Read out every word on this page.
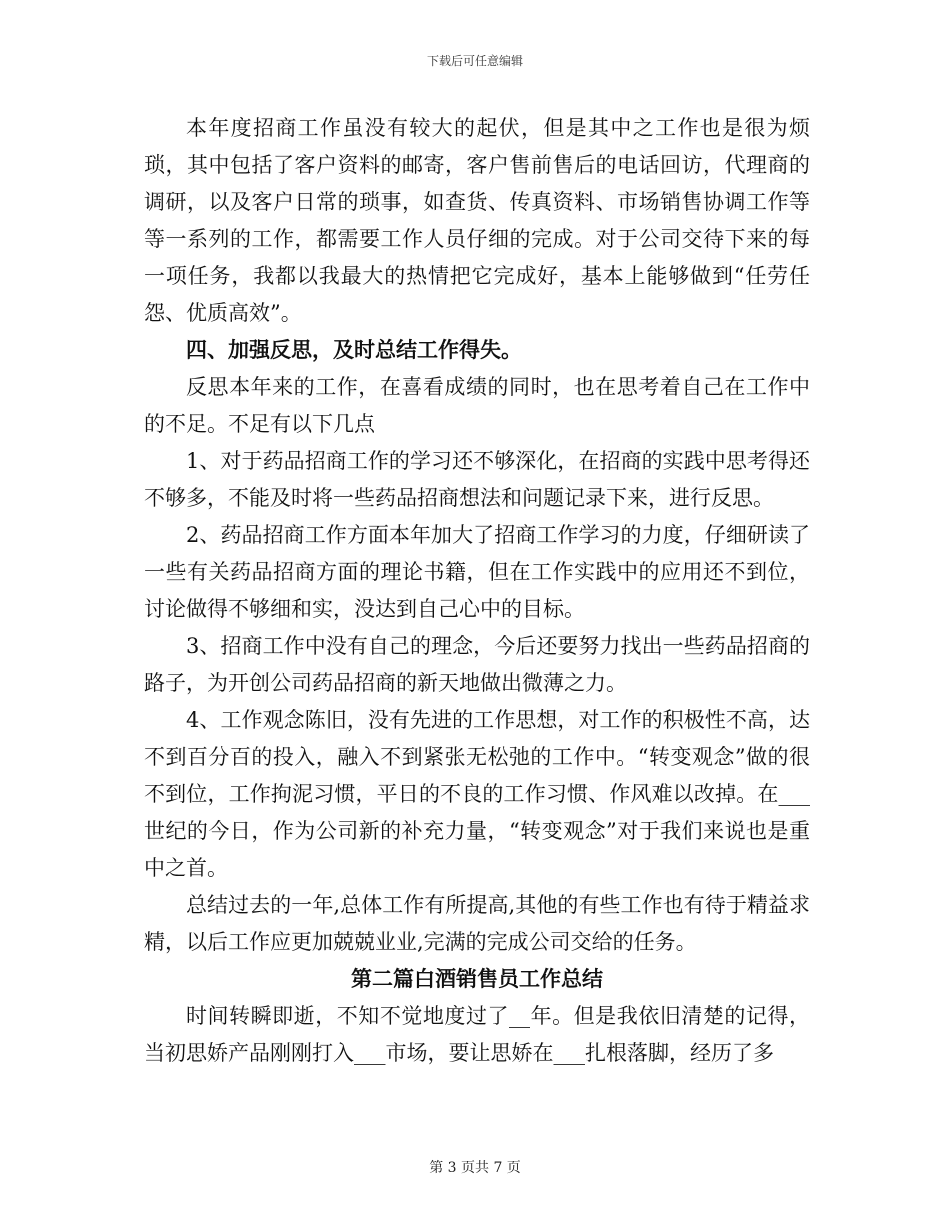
下载后可任意编辑

本年度招商工作虽没有较大的起伏，但是其中之工作也是很为烦琐，其中包括了客户资料的邮寄，客户售前售后的电话回访，代理商的调研，以及客户日常的琐事，如查货、传真资料、市场销售协调工作等等一系列的工作，都需要工作人员仔细的完成。对于公司交待下来的每一项任务，我都以我最大的热情把它完成好，基本上能够做到“任劳任怨、优质高效”。

四、加强反思，及时总结工作得失。

反思本年来的工作，在喜看成绩的同时，也在思考着自己在工作中的不足。不足有以下几点

1、对于药品招商工作的学习还不够深化，在招商的实践中思考得还不够多，不能及时将一些药品招商想法和问题记录下来，进行反思。

2、药品招商工作方面本年加大了招商工作学习的力度，仔细研读了一些有关药品招商方面的理论书籍，但在工作实践中的应用还不到位，讨论做得不够细和实，没达到自己心中的目标。

3、招商工作中没有自己的理念，今后还要努力找出一些药品招商的路子，为开创公司药品招商的新天地做出微薄之力。

4、工作观念陈旧，没有先进的工作思想，对工作的积极性不高，达不到百分百的投入，融入不到紧张无松弛的工作中。“转变观念”做的很不到位，工作拘泥习惯，平日的不良的工作习惯、作风难以改掉。在___世纪的今日，作为公司新的补充力量，“转变观念”对于我们来说也是重中之首。

总结过去的一年,总体工作有所提高,其他的有些工作也有待于精益求精，以后工作应更加兢兢业业,完满的完成公司交给的任务。

第二篇白酒销售员工作总结

时间转瞬即逝，不知不觉地度过了__年。但是我依旧清楚的记得，当初思娇产品刚刚打入___市场，要让思娇在___扎根落脚，经历了多

第 3 页共 7 页
